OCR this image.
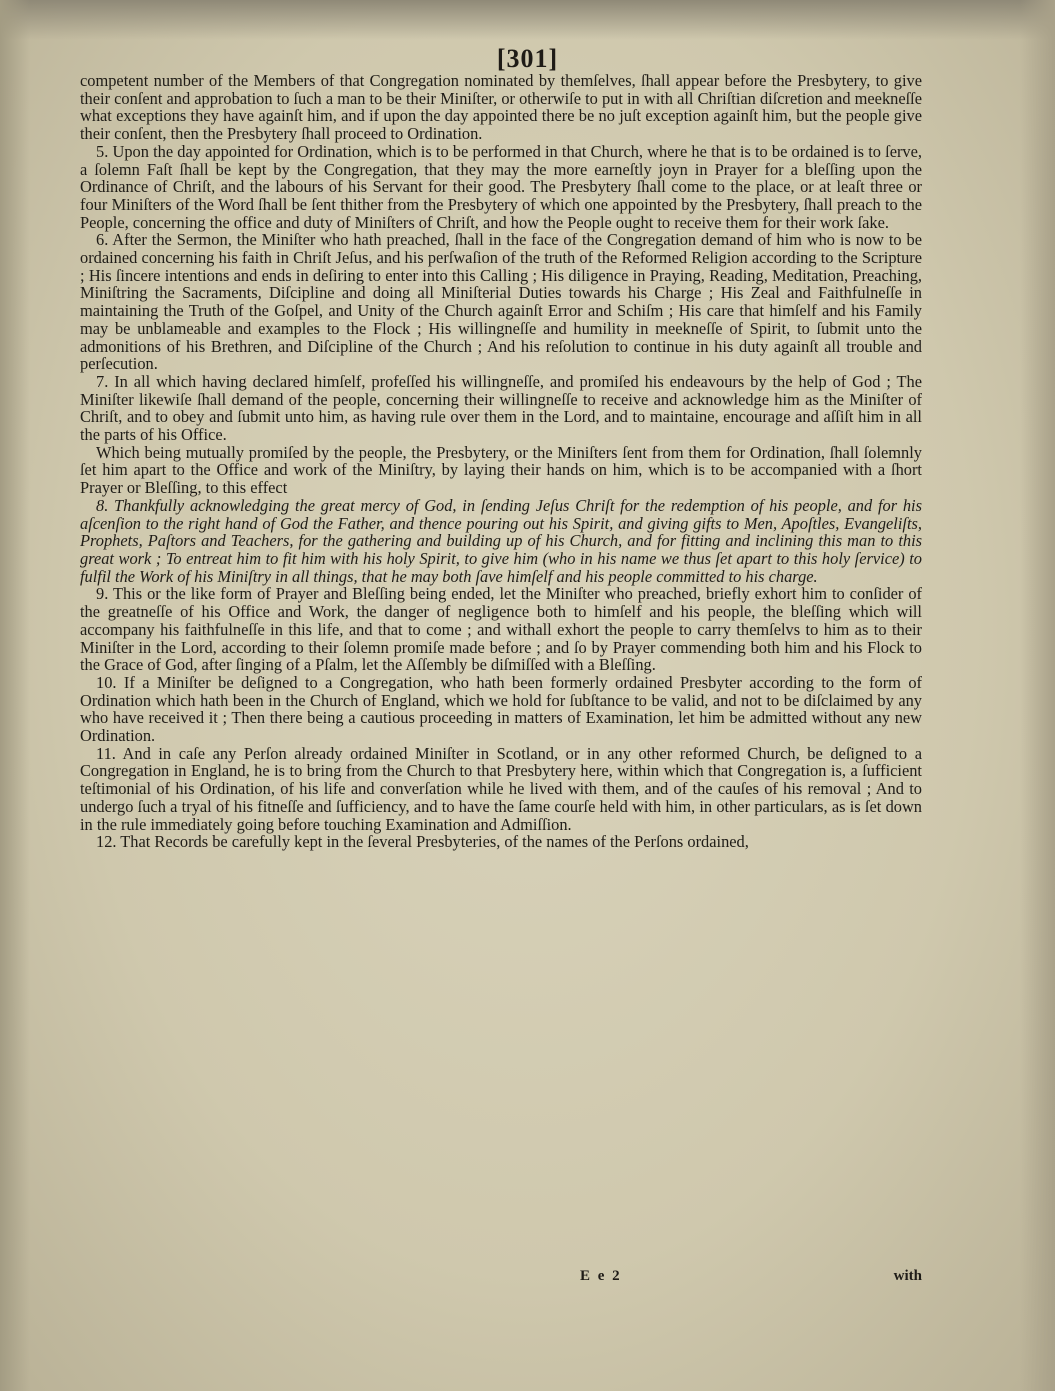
[301]

competent number of the Members of that Congregation nominated by themſelves, ſhall appear before the Presbytery, to give their conſent and approbation to ſuch a man to be their Miniſter, or otherwiſe to put in with all Chriſtian diſcretion and meekneſſe what exceptions they have againſt him, and if upon the day appointed there be no juſt exception againſt him, but the people give their conſent, then the Presbytery ſhall proceed to Ordination.

5. Upon the day appointed for Ordination, which is to be performed in that Church, where he that is to be ordained is to ſerve, a ſolemn Faſt ſhall be kept by the Congregation, that they may the more earneſtly joyn in Prayer for a bleſſing upon the Ordinance of Chriſt, and the labours of his Servant for their good. The Presbytery ſhall come to the place, or at leaſt three or four Miniſters of the Word ſhall be ſent thither from the Presbytery of which one appointed by the Presbytery, ſhall preach to the People, concerning the office and duty of Miniſters of Chriſt, and how the People ought to receive them for their work ſake.

6. After the Sermon, the Miniſter who hath preached, ſhall in the face of the Congregation demand of him who is now to be ordained concerning his faith in Chriſt Jeſus, and his perſwaſion of the truth of the Reformed Religion according to the Scripture ; His ſincere intentions and ends in deſiring to enter into this Calling ; His diligence in Praying, Reading, Meditation, Preaching, Miniſtring the Sacraments, Diſcipline and doing all Miniſterial Duties towards his Charge ; His Zeal and Faithfulneſſe in maintaining the Truth of the Goſpel, and Unity of the Church againſt Error and Schiſm ; His care that himſelf and his Family may be unblameable and examples to the Flock ; His willingneſſe and humility in meekneſſe of Spirit, to ſubmit unto the admonitions of his Brethren, and Diſcipline of the Church ; And his reſolution to continue in his duty againſt all trouble and perſecution.

7. In all which having declared himſelf, profeſſed his willingneſſe, and promiſed his endeavours by the help of God ; The Miniſter likewiſe ſhall demand of the people, concerning their willingneſſe to receive and acknowledge him as the Miniſter of Chriſt, and to obey and ſubmit unto him, as having rule over them in the Lord, and to maintaine, encourage and aſſiſt him in all the parts of his Office.

Which being mutually promiſed by the people, the Presbytery, or the Miniſters ſent from them for Ordination, ſhall ſolemnly ſet him apart to the Office and work of the Miniſtry, by laying their hands on him, which is to be accompanied with a ſhort Prayer or Bleſſing, to this effect

8. Thankfully acknowledging the great mercy of God, in ſending Jeſus Chriſt for the redemption of his people, and for his aſcenſion to the right hand of God the Father, and thence pouring out his Spirit, and giving gifts to Men, Apoſtles, Evangeliſts, Prophets, Paſtors and Teachers, for the gathering and building up of his Church, and for fitting and inclining this man to this great work ; To entreat him to fit him with his holy Spirit, to give him (who in his name we thus ſet apart to this holy ſervice) to fulfil the Work of his Miniſtry in all things, that he may both ſave himſelf and his people committed to his charge.

9. This or the like form of Prayer and Bleſſing being ended, let the Miniſter who preached, briefly exhort him to conſider of the greatneſſe of his Office and Work, the danger of negligence both to himſelf and his people, the bleſſing which will accompany his faithfulneſſe in this life, and that to come ; and withall exhort the people to carry themſelvs to him as to their Miniſter in the Lord, according to their ſolemn promiſe made before ; and ſo by Prayer commending both him and his Flock to the Grace of God, after ſinging of a Pſalm, let the Aſſembly be diſmiſſed with a Bleſſing.

10. If a Miniſter be deſigned to a Congregation, who hath been formerly ordained Presbyter according to the form of Ordination which hath been in the Church of England, which we hold for ſubſtance to be valid, and not to be diſclaimed by any who have received it ; Then there being a cautious proceeding in matters of Examination, let him be admitted without any new Ordination.

11. And in caſe any Perſon already ordained Miniſter in Scotland, or in any other reformed Church, be deſigned to a Congregation in England, he is to bring from the Church to that Presbytery here, within which that Congregation is, a ſufficient teſtimonial of his Ordination, of his life and converſation while he lived with them, and of the cauſes of his removal ; And to undergo ſuch a tryal of his fitneſſe and ſufficiency, and to have the ſame courſe held with him, in other particulars, as is ſet down in the rule immediately going before touching Examination and Admiſſion.

12. That Records be carefully kept in the ſeveral Presbyteries, of the names of the Perſons ordained,

E e 2	with
